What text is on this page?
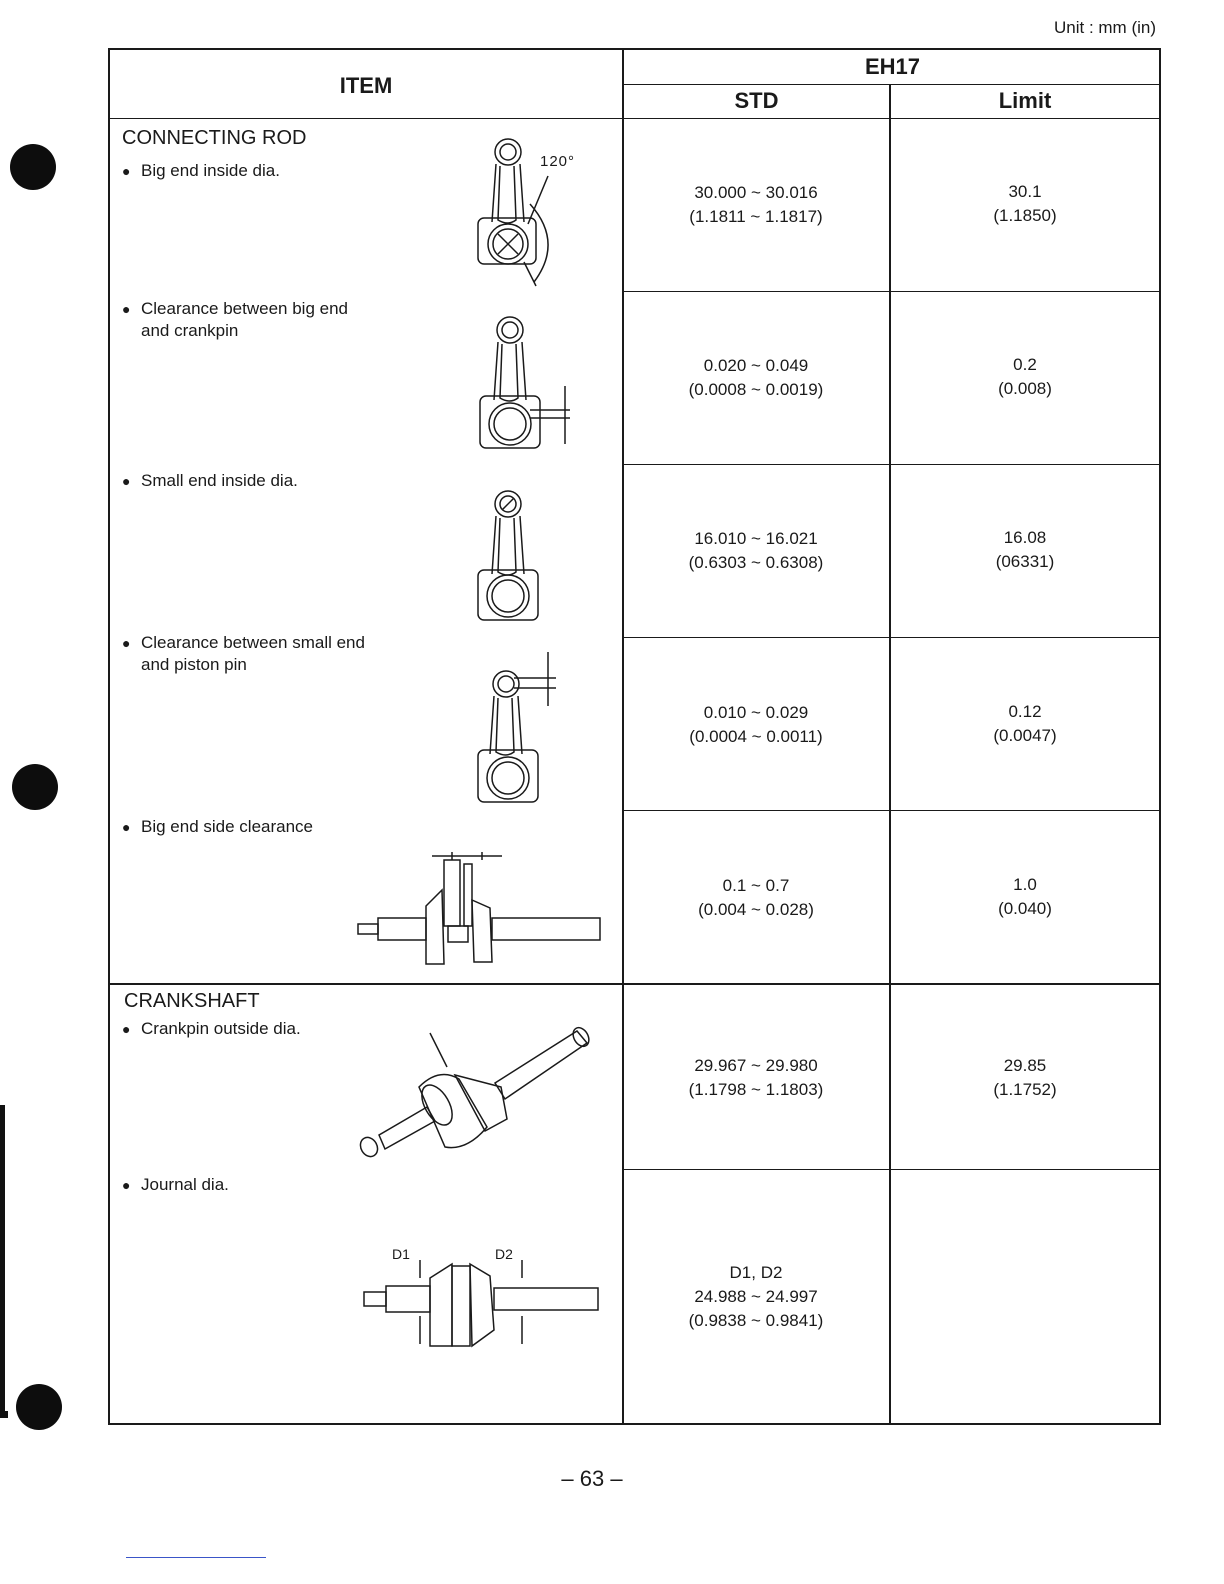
Unit : mm (in)
ITEM
EH17
STD	Limit
CONNECTING ROD
● Big end inside dia.
● Clearance between big end
and crankpin
● Small end inside dia.
● Clearance between small end
and piston pin
● Big end side clearance
CRANKSHAFT
● Crankpin outside dia.
● Journal dia.
30.000 ~ 30.016
(1.1811 ~ 1.1817)
30.1
(1.1850)
0.020 ~ 0.049
(0.0008 ~ 0.0019)
0.2
(0.008)
16.010 ~ 16.021
(0.6303 ~ 0.6308)
16.08
(06331)
0.010 ~ 0.029
(0.0004 ~ 0.0011)
0.12
(0.0047)
0.1 ~ 0.7
(0.004 ~ 0.028)
1.0
(0.040)
29.967 ~ 29.980
(1.1798 ~ 1.1803)
29.85
(1.1752)
D1, D2
24.988 ~ 24.997
(0.9838 ~ 0.9841)
120°
D1	D2
– 63 –
